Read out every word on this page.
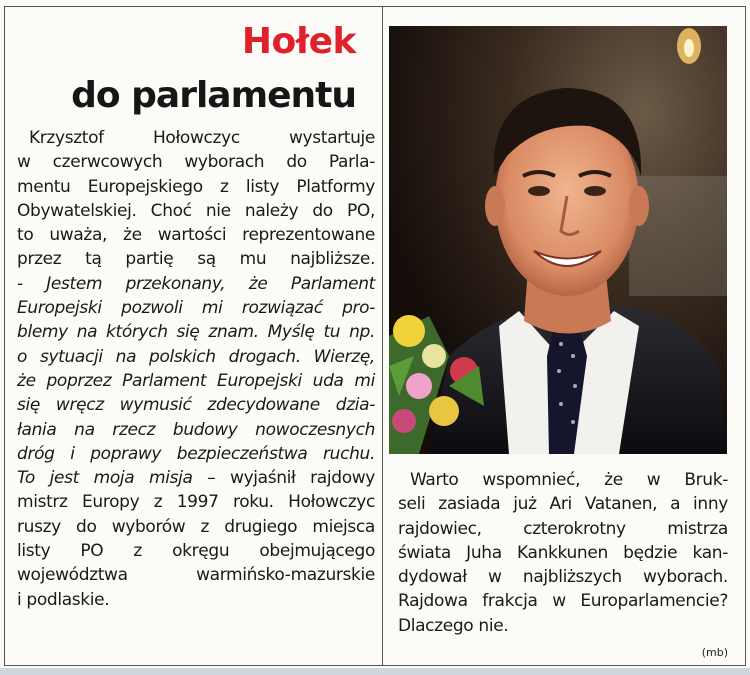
Hołek
do parlamentu
Krzysztof Hołowczyc wystartuje
w czerwcowych wyborach do Parla-
mentu Europejskiego z listy Platformy
Obywatelskiej. Choć nie należy do PO,
to uważa, że wartości reprezentowane
przez tą partię są mu najbliższe.
- Jestem przekonany, że Parlament
Europejski pozwoli mi rozwiązać pro-
blemy na których się znam. Myślę tu np.
o sytuacji na polskich drogach. Wierzę,
że poprzez Parlament Europejski uda mi
się wręcz wymusić zdecydowane dzia-
łania na rzecz budowy nowoczesnych
dróg i poprawy bezpieczeństwa ruchu.
To jest moja misja – wyjaśnił rajdowy
mistrz Europy z 1997 roku. Hołowczyc
ruszy do wyborów z drugiego miejsca
listy PO z okręgu obejmującego
województwa warmińsko-mazurskie
i podlaskie.
Warto wspomnieć, że w Bruk-
seli zasiada już Ari Vatanen, a inny
rajdowiec, czterokrotny mistrza
świata Juha Kankkunen będzie kan-
dydował w najbliższych wyborach.
Rajdowa frakcja w Europarlamencie?
Dlaczego nie.
(mb)
